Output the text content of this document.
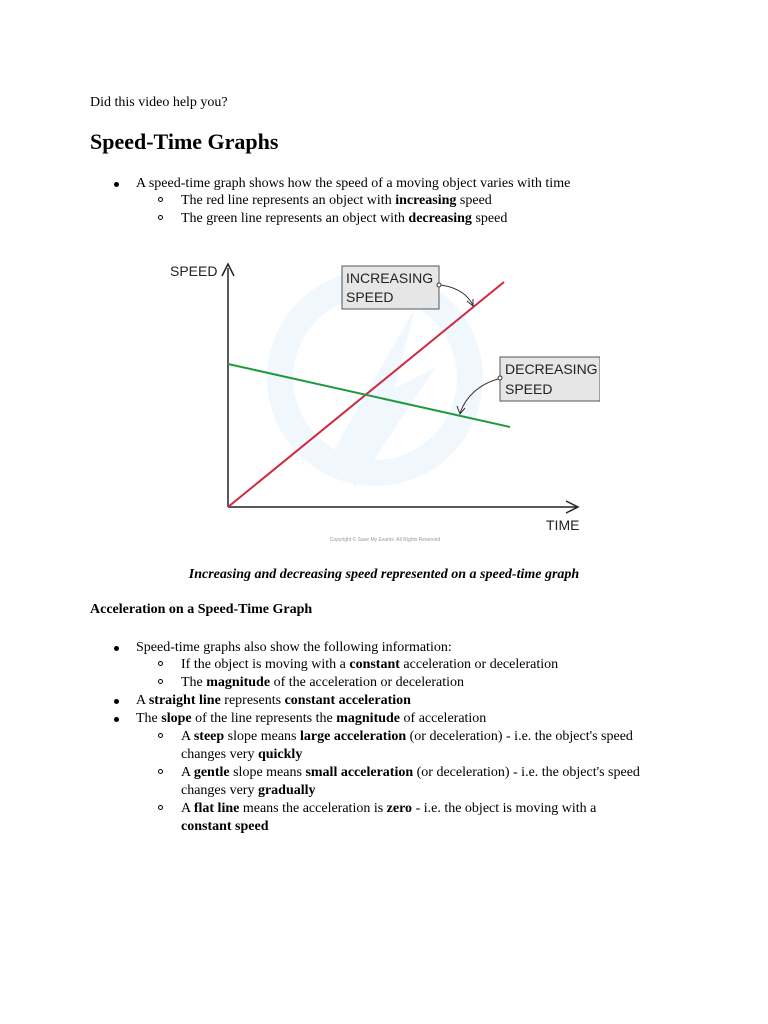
Did this video help you?
Speed-Time Graphs
A speed-time graph shows how the speed of a moving object varies with time
The red line represents an object with increasing speed
The green line represents an object with decreasing speed
SPEED
TIME
INCREASING
SPEED
DECREASING
SPEED
Copyright © Save My Exams. All Rights Reserved
Increasing and decreasing speed represented on a speed-time graph
Acceleration on a Speed-Time Graph
Speed-time graphs also show the following information:
If the object is moving with a constant acceleration or deceleration
The magnitude of the acceleration or deceleration
A straight line represents constant acceleration
The slope of the line represents the magnitude of acceleration
A steep slope means large acceleration (or deceleration) - i.e. the object's speed
changes very quickly
A gentle slope means small acceleration (or deceleration) - i.e. the object's speed
changes very gradually
A flat line means the acceleration is zero - i.e. the object is moving with a
constant speed
